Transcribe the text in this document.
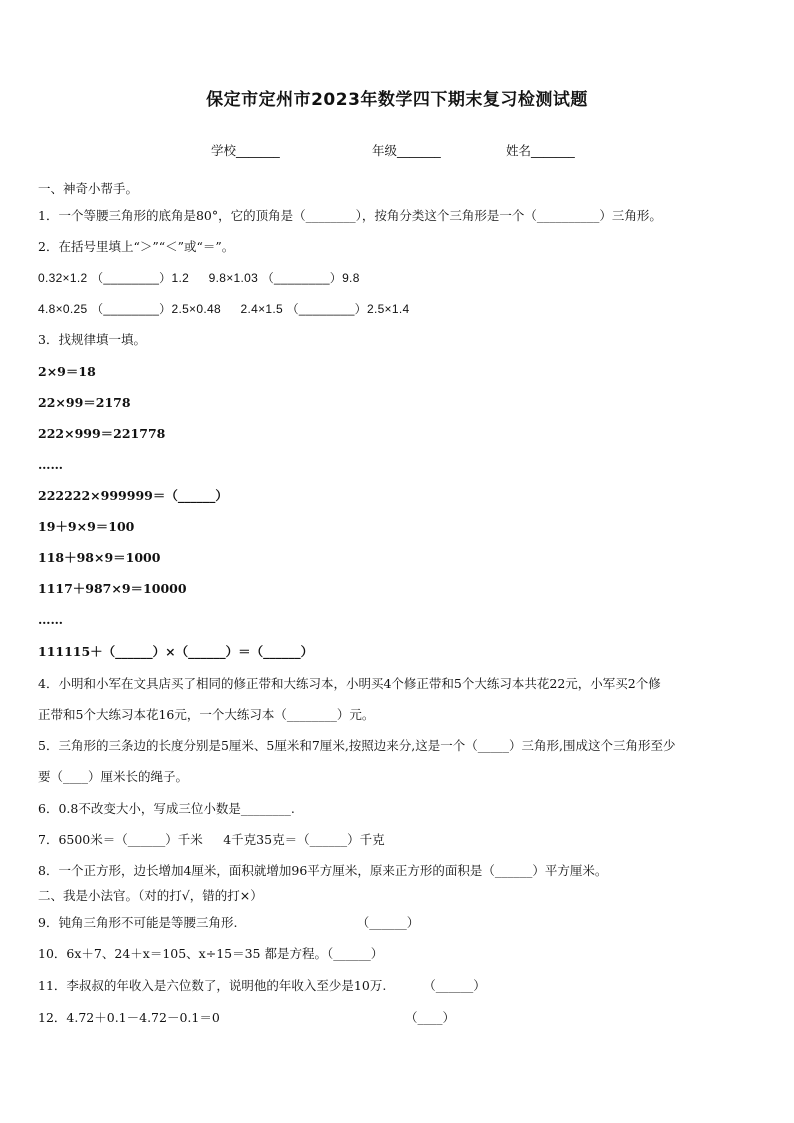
保定市定州市2023年数学四下期末复习检测试题
学校_______	年级_______	姓名_______
一、神奇小帮手。
1．一个等腰三角形的底角是80°，它的顶角是（________），按角分类这个三角形是一个（__________）三角形。
2．在括号里填上“＞”“＜”或“＝”。
0.32×1.2 （________）1.2 　 9.8×1.03 （________）9.8
4.8×0.25 （________）2.5×0.48 　 2.4×1.5 （________）2.5×1.4
3．找规律填一填。
2×9＝18
22×99＝2178
222×999＝221778
……
222222×999999＝（______）
19＋9×9＝100
118＋98×9＝1000
1117＋987×9＝10000
……
111115＋（______）×（______）＝（______）
4．小明和小军在文具店买了相同的修正带和大练习本，小明买4个修正带和5个大练习本共花22元，小军买2个修
正带和5个大练习本花16元，一个大练习本（________）元。
5．三角形的三条边的长度分别是5厘米、5厘米和7厘米,按照边来分,这是一个（_____）三角形,围成这个三角形至少
要（____）厘米长的绳子。
6．0.8不改变大小，写成三位小数是________.
7．6500米＝（______）千米 　 4千克35克＝（______）千克
8．一个正方形，边长增加4厘米，面积就增加96平方厘米，原来正方形的面积是（______）平方厘米。
二、我是小法官。（对的打√，错的打×）
9．钝角三角形不可能是等腰三角形. 　 　 　 　 　 　 　 （______）
10．6x＋7、24＋x＝105、x÷15＝35 都是方程。（______）
11．李叔叔的年收入是六位数了，说明他的年收入至少是10万. 　 　 （______）
12．4.72＋0.1－4.72－0.1＝0 　 　 　 　 　 　 　 　 　 　 　 （____）
